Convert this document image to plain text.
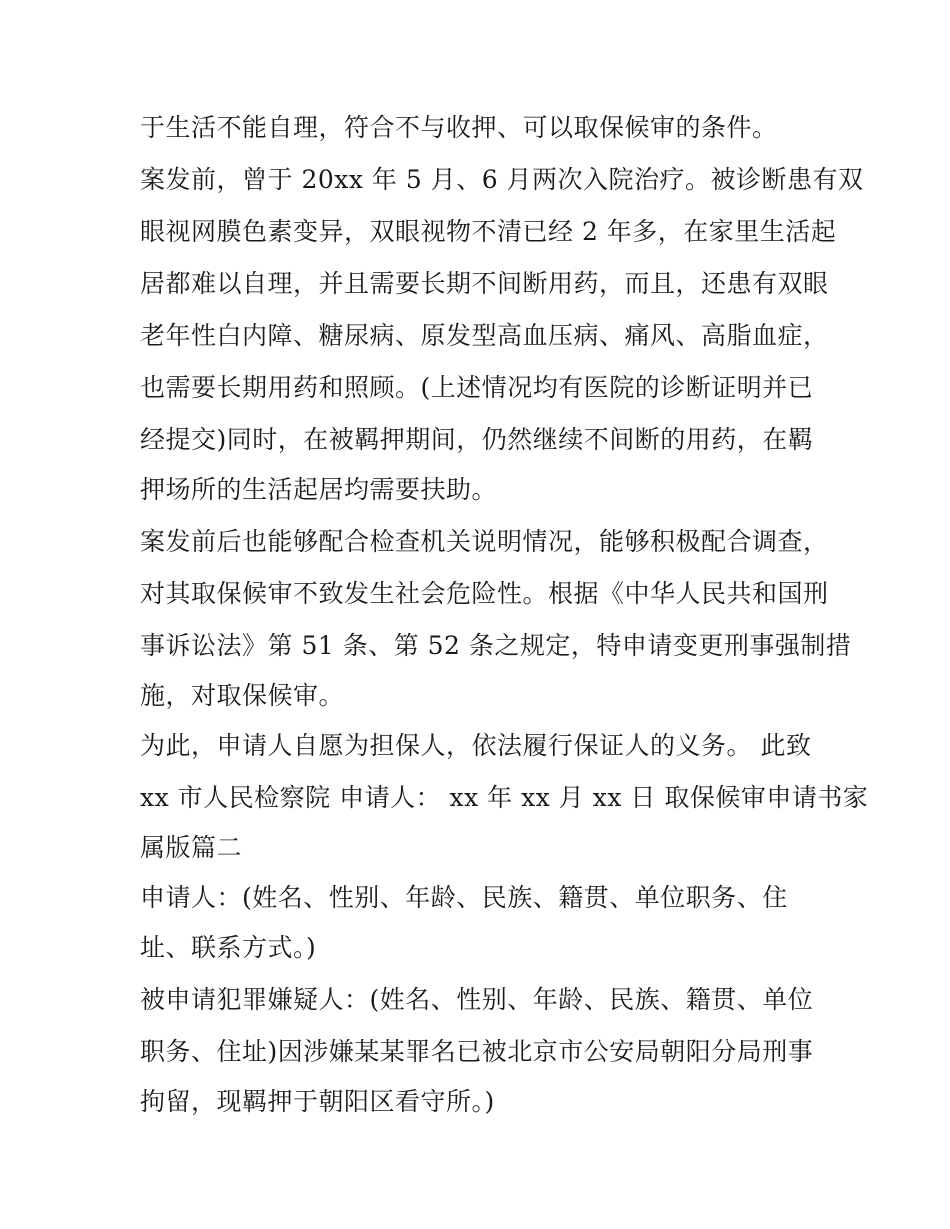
于生活不能自理，符合不与收押、可以取保候审的条件。
案发前，曾于 20xx 年 5 月、6 月两次入院治疗。被诊断患有双
眼视网膜色素变异，双眼视物不清已经 2 年多，在家里生活起
居都难以自理，并且需要长期不间断用药，而且，还患有双眼
老年性白内障、糖尿病、原发型高血压病、痛风、高脂血症，
也需要长期用药和照顾。(上述情况均有医院的诊断证明并已
经提交)同时，在被羁押期间，仍然继续不间断的用药，在羁
押场所的生活起居均需要扶助。
案发前后也能够配合检查机关说明情况，能够积极配合调查，
对其取保候审不致发生社会危险性。根据《中华人民共和国刑
事诉讼法》第 51 条、第 52 条之规定，特申请变更刑事强制措
施，对取保候审。
为此，申请人自愿为担保人，依法履行保证人的义务。 此致
xx 市人民检察院 申请人： xx 年 xx 月 xx 日 取保候审申请书家
属版篇二
申请人：(姓名、性别、年龄、民族、籍贯、单位职务、住
址、联系方式。)
被申请犯罪嫌疑人：(姓名、性别、年龄、民族、籍贯、单位
职务、住址)因涉嫌某某罪名已被北京市公安局朝阳分局刑事
拘留，现羁押于朝阳区看守所。)
